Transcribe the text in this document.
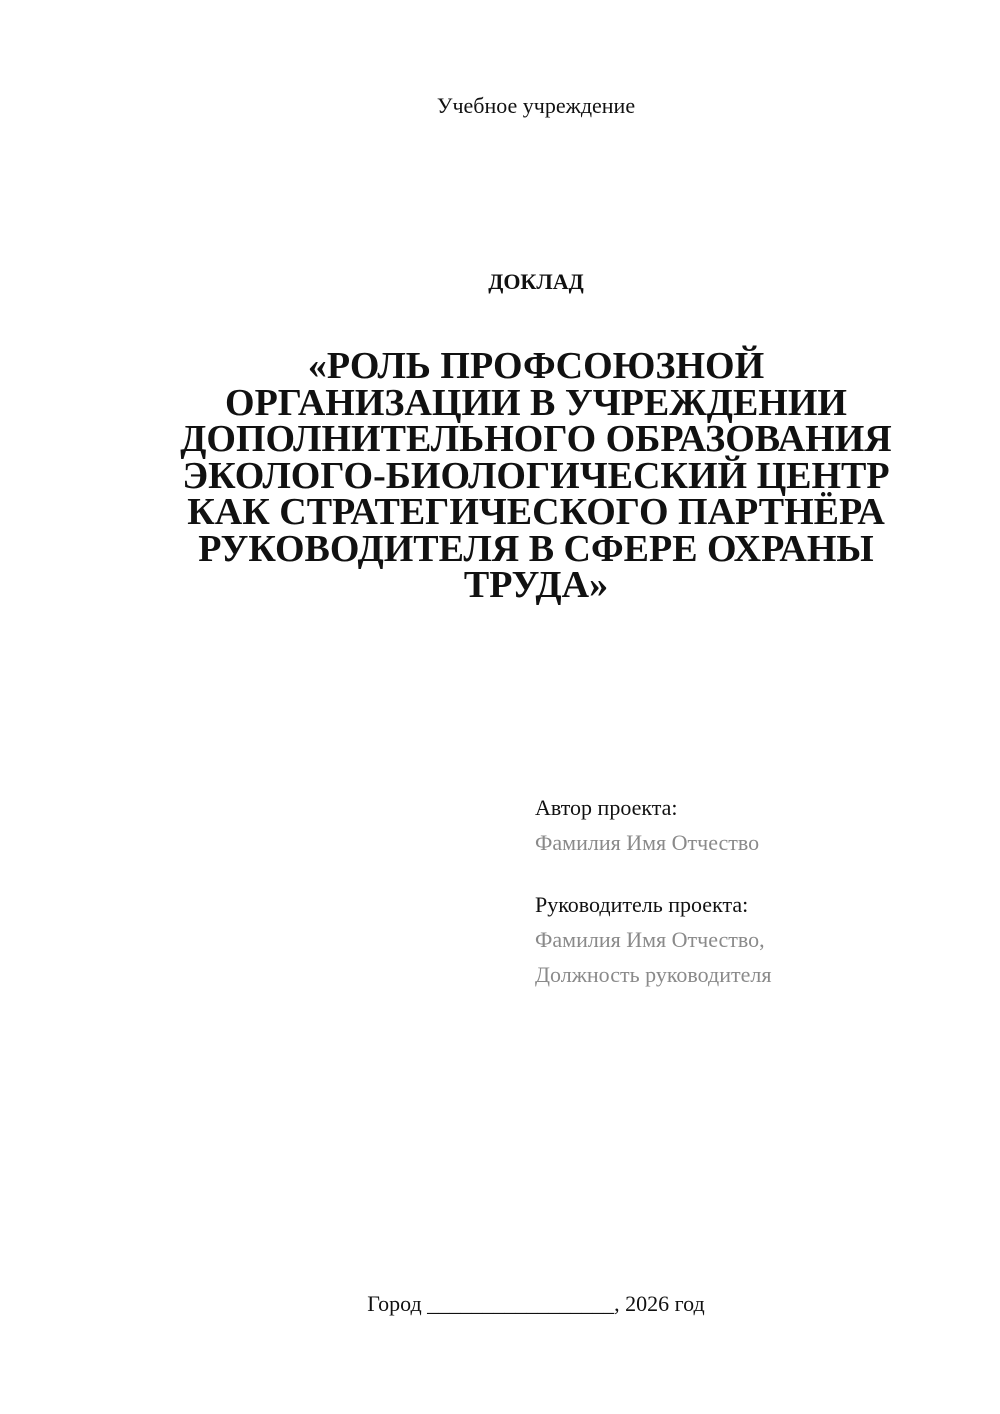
Учебное учреждение
ДОКЛАД
«РОЛЬ ПРОФСОЮЗНОЙ
ОРГАНИЗАЦИИ В УЧРЕЖДЕНИИ
ДОПОЛНИТЕЛЬНОГО ОБРАЗОВАНИЯ
ЭКОЛОГО-БИОЛОГИЧЕСКИЙ ЦЕНТР
КАК СТРАТЕГИЧЕСКОГО ПАРТНЁРА
РУКОВОДИТЕЛЯ В СФЕРЕ ОХРАНЫ
ТРУДА»
Автор проекта:
Фамилия Имя Отчество
Руководитель проекта:
Фамилия Имя Отчество,
Должность руководителя
Город _________________, 2026 год
